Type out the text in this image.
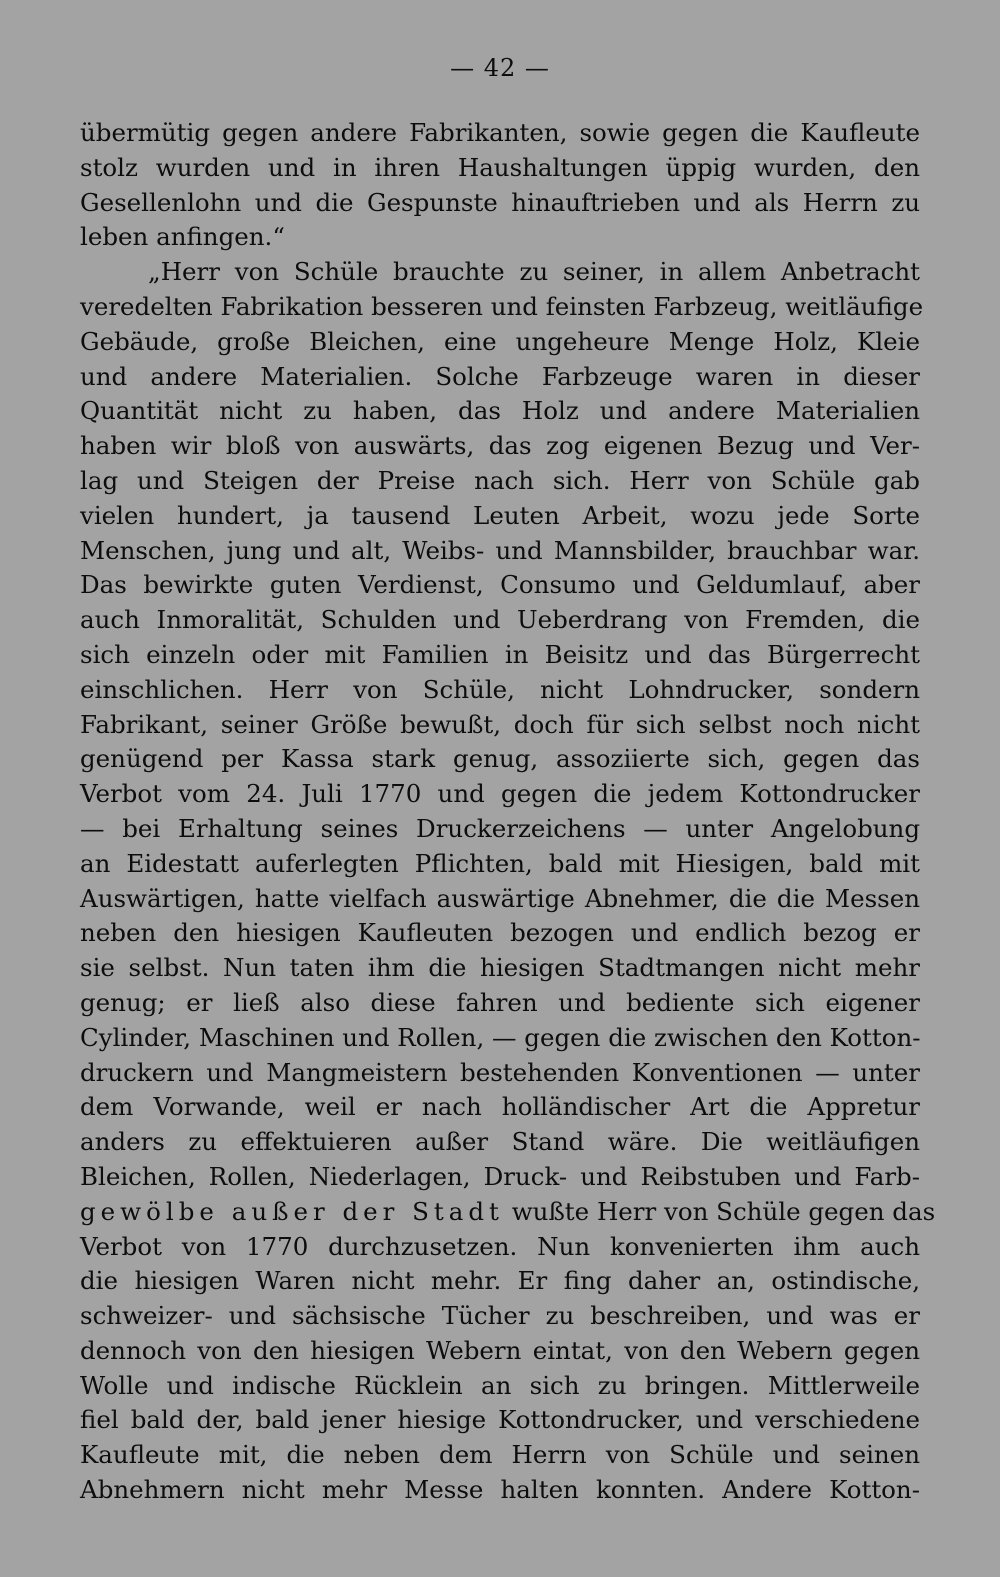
— 42 —
übermütig gegen andere Fabrikanten, sowie gegen die Kaufleute
stolz wurden und in ihren Haushaltungen üppig wurden, den
Gesellenlohn und die Gespunste hinauftrieben und als Herrn zu
leben anfingen.“
„Herr von Schüle brauchte zu seiner, in allem Anbetracht
veredelten Fabrikation besseren und feinsten Farbzeug, weitläufige
Gebäude, große Bleichen, eine ungeheure Menge Holz, Kleie
und andere Materialien. Solche Farbzeuge waren in dieser
Quantität nicht zu haben, das Holz und andere Materialien
haben wir bloß von auswärts, das zog eigenen Bezug und Ver-
lag und Steigen der Preise nach sich. Herr von Schüle gab
vielen hundert, ja tausend Leuten Arbeit, wozu jede Sorte
Menschen, jung und alt, Weibs- und Mannsbilder, brauchbar war.
Das bewirkte guten Verdienst, Consumo und Geldumlauf, aber
auch Inmoralität, Schulden und Ueberdrang von Fremden, die
sich einzeln oder mit Familien in Beisitz und das Bürgerrecht
einschlichen. Herr von Schüle, nicht Lohndrucker, sondern
Fabrikant, seiner Größe bewußt, doch für sich selbst noch nicht
genügend per Kassa stark genug, assoziierte sich, gegen das
Verbot vom 24. Juli 1770 und gegen die jedem Kottondrucker
— bei Erhaltung seines Druckerzeichens — unter Angelobung
an Eidestatt auferlegten Pflichten, bald mit Hiesigen, bald mit
Auswärtigen, hatte vielfach auswärtige Abnehmer, die die Messen
neben den hiesigen Kaufleuten bezogen und endlich bezog er
sie selbst. Nun taten ihm die hiesigen Stadtmangen nicht mehr
genug; er ließ also diese fahren und bediente sich eigener
Cylinder, Maschinen und Rollen, — gegen die zwischen den Kotton-
druckern und Mangmeistern bestehenden Konventionen — unter
dem Vorwande, weil er nach holländischer Art die Appretur
anders zu effektuieren außer Stand wäre. Die weitläufigen
Bleichen, Rollen, Niederlagen, Druck- und Reibstuben und Farb-
gewölbe außer der Stadt wußte Herr von Schüle gegen das
Verbot von 1770 durchzusetzen. Nun konvenierten ihm auch
die hiesigen Waren nicht mehr. Er fing daher an, ostindische,
schweizer- und sächsische Tücher zu beschreiben, und was er
dennoch von den hiesigen Webern eintat, von den Webern gegen
Wolle und indische Rücklein an sich zu bringen. Mittlerweile
fiel bald der, bald jener hiesige Kottondrucker, und verschiedene
Kaufleute mit, die neben dem Herrn von Schüle und seinen
Abnehmern nicht mehr Messe halten konnten. Andere Kotton-
